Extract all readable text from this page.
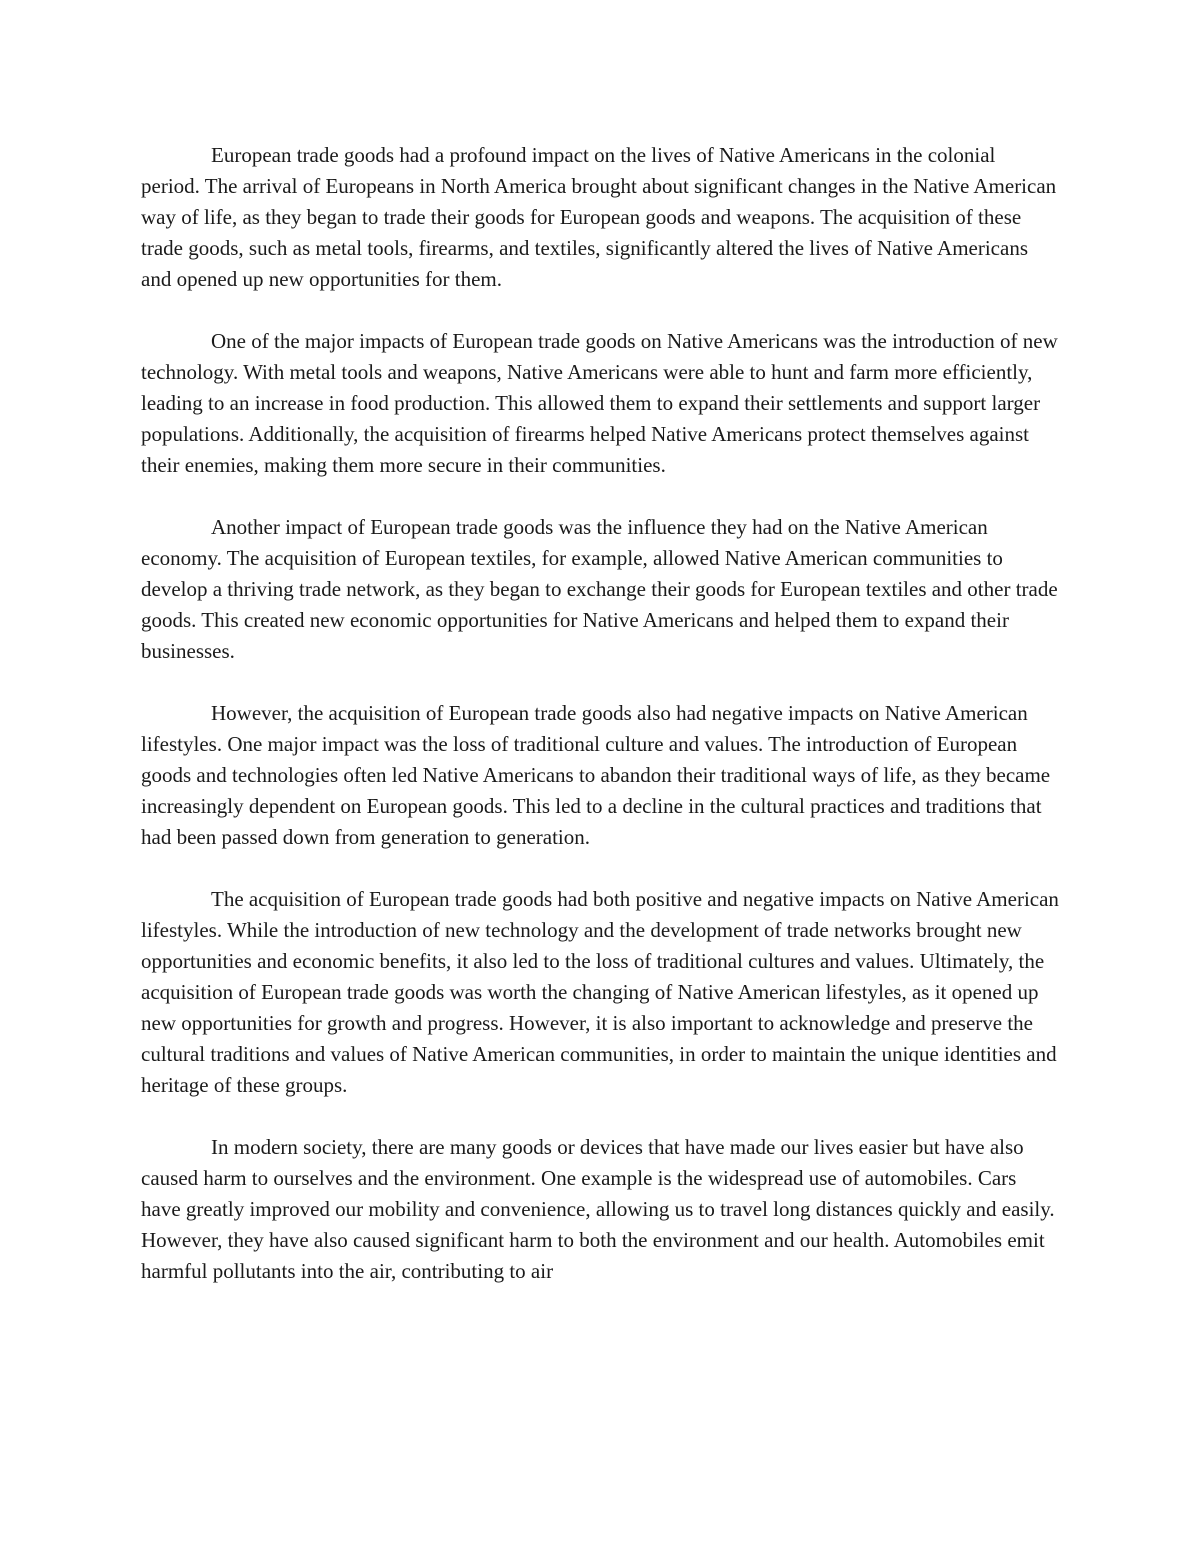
European trade goods had a profound impact on the lives of Native Americans in the colonial period. The arrival of Europeans in North America brought about significant changes in the Native American way of life, as they began to trade their goods for European goods and weapons. The acquisition of these trade goods, such as metal tools, firearms, and textiles, significantly altered the lives of Native Americans and opened up new opportunities for them.

One of the major impacts of European trade goods on Native Americans was the introduction of new technology. With metal tools and weapons, Native Americans were able to hunt and farm more efficiently, leading to an increase in food production. This allowed them to expand their settlements and support larger populations. Additionally, the acquisition of firearms helped Native Americans protect themselves against their enemies, making them more secure in their communities.

Another impact of European trade goods was the influence they had on the Native American economy. The acquisition of European textiles, for example, allowed Native American communities to develop a thriving trade network, as they began to exchange their goods for European textiles and other trade goods. This created new economic opportunities for Native Americans and helped them to expand their businesses.

However, the acquisition of European trade goods also had negative impacts on Native American lifestyles. One major impact was the loss of traditional culture and values. The introduction of European goods and technologies often led Native Americans to abandon their traditional ways of life, as they became increasingly dependent on European goods. This led to a decline in the cultural practices and traditions that had been passed down from generation to generation.

The acquisition of European trade goods had both positive and negative impacts on Native American lifestyles. While the introduction of new technology and the development of trade networks brought new opportunities and economic benefits, it also led to the loss of traditional cultures and values. Ultimately, the acquisition of European trade goods was worth the changing of Native American lifestyles, as it opened up new opportunities for growth and progress. However, it is also important to acknowledge and preserve the cultural traditions and values of Native American communities, in order to maintain the unique identities and heritage of these groups.

In modern society, there are many goods or devices that have made our lives easier but have also caused harm to ourselves and the environment. One example is the widespread use of automobiles. Cars have greatly improved our mobility and convenience, allowing us to travel long distances quickly and easily. However, they have also caused significant harm to both the environment and our health. Automobiles emit harmful pollutants into the air, contributing to air
